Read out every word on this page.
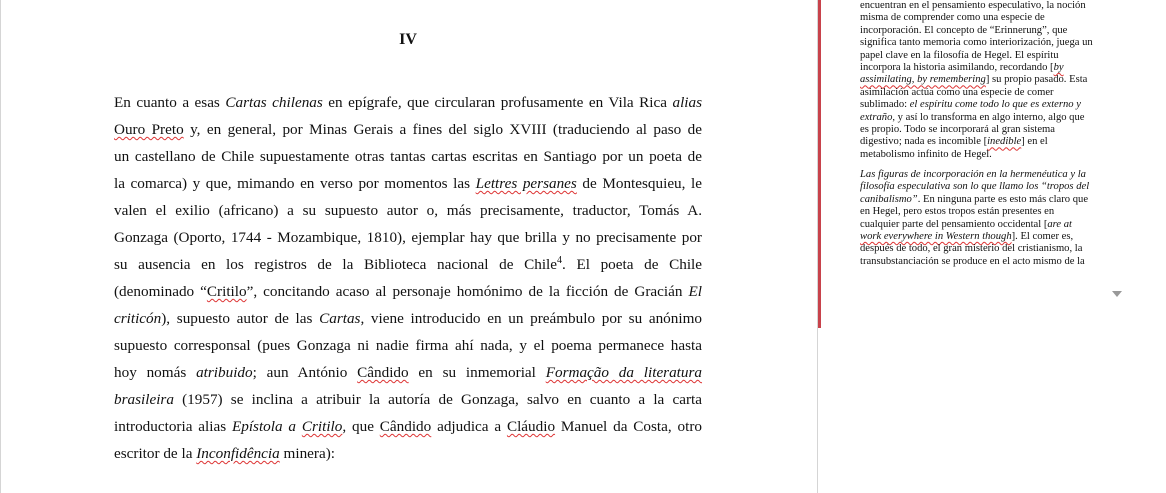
IV
En cuanto a esas Cartas chilenas en epígrafe, que circularan profusamente en Vila Rica alias
Ouro Preto y, en general, por Minas Gerais a fines del siglo XVIII (traduciendo al paso de
un castellano de Chile supuestamente otras tantas cartas escritas en Santiago por un poeta de
la comarca) y que, mimando en verso por momentos las Lettres persanes de Montesquieu, le
valen el exilio (africano) a su supuesto autor o, más precisamente, traductor, Tomás A.
Gonzaga (Oporto, 1744 - Mozambique, 1810), ejemplar hay que brilla y no precisamente por
su ausencia en los registros de la Biblioteca nacional de Chile$^4$. El poeta de Chile
(denominado “Critilo”, concitando acaso al personaje homónimo de la ficción de Gracián El
criticón), supuesto autor de las Cartas, viene introducido en un preámbulo por su anónimo
supuesto corresponsal (pues Gonzaga ni nadie firma ahí nada, y el poema permanece hasta
hoy nomás atribuido; aun António Cândido en su inmemorial Formação da literatura
brasileira (1957) se inclina a atribuir la autoría de Gonzaga, salvo en cuanto a la carta
introductoria alias Epístola a Critilo, que Cândido adjudica a Cláudio Manuel da Costa, otro
escritor de la Inconfidência minera):
encuentran en el pensamiento especulativo, la noción
misma de comprender como una especie de
incorporación. El concepto de “Erinnerung”, que
significa tanto memoria como interiorización, juega un
papel clave en la filosofía de Hegel. El espíritu
incorpora la historia asimilando, recordando [by
assimilating, by remembering] su propio pasado. Esta
asimilación actúa como una especie de comer
sublimado: el espíritu come todo lo que es externo y
extraño, y así lo transforma en algo interno, algo que
es propio. Todo se incorporará al gran sistema
digestivo; nada es incomible [inedible] en el
metabolismo infinito de Hegel.
Las figuras de incorporación en la hermenéutica y la
filosofía especulativa son lo que llamo los “tropos del
canibalismo”. En ninguna parte es esto más claro que
en Hegel, pero estos tropos están presentes en
cualquier parte del pensamiento occidental [are at
work everywhere in Western though]. El comer es,
después de todo, el gran misterio del cristianismo, la
transubstanciación se produce en el acto mismo de la
